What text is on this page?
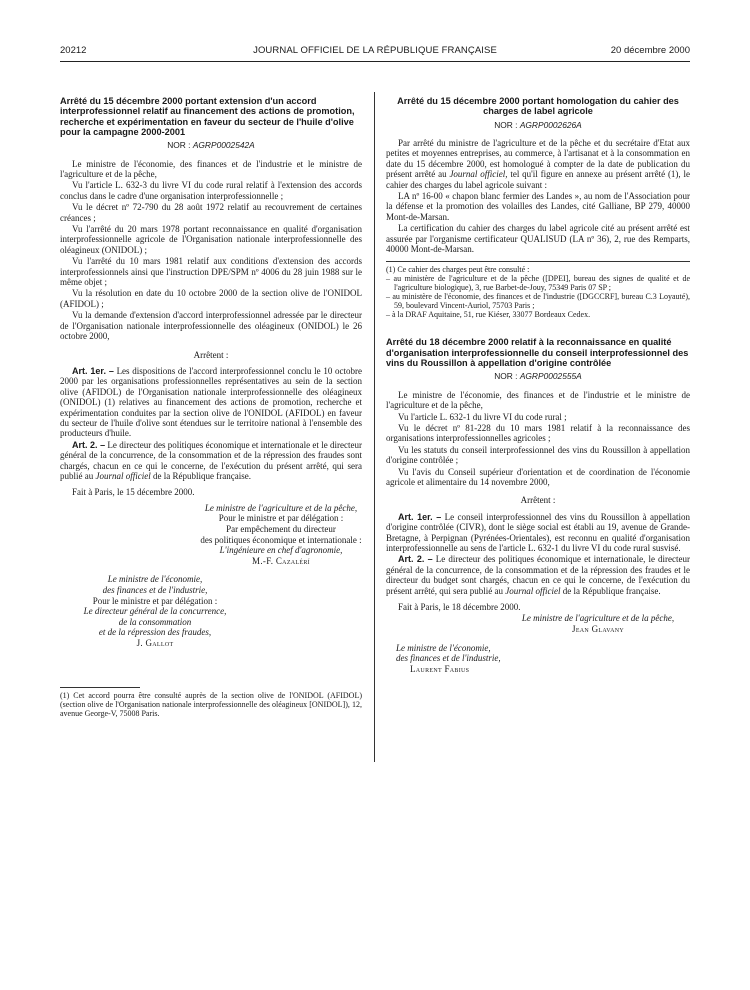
20212	JOURNAL OFFICIEL DE LA RÉPUBLIQUE FRANÇAISE	20 décembre 2000
Arrêté du 15 décembre 2000 portant extension d'un accord interprofessionnel relatif au financement des actions de promotion, recherche et expérimentation en faveur du secteur de l'huile d'olive pour la campagne 2000-2001
NOR : AGRP0002542A

Le ministre de l'économie, des finances et de l'industrie et le ministre de l'agriculture et de la pêche,

Vu l'article L. 632-3 du livre VI du code rural relatif à l'extension des accords conclus dans le cadre d'une organisation interprofessionnelle ;

Vu le décret nº 72-790 du 28 août 1972 relatif au recouvrement de certaines créances ;

Vu l'arrêté du 20 mars 1978 portant reconnaissance en qualité d'organisation interprofessionnelle agricole de l'Organisation nationale interprofessionnelle des oléagineux (ONIDOL) ;

Vu l'arrêté du 10 mars 1981 relatif aux conditions d'extension des accords interprofessionnels ainsi que l'instruction DPE/SPM nº 4006 du 28 juin 1988 sur le même objet ;

Vu la résolution en date du 10 octobre 2000 de la section olive de l'ONIDOL (AFIDOL) ;

Vu la demande d'extension d'accord interprofessionnel adressée par le directeur de l'Organisation nationale interprofessionnelle des oléagineux (ONIDOL) le 26 octobre 2000,

Arrêtent :

Art. 1er. – Les dispositions de l'accord interprofessionnel conclu le 10 octobre 2000 par les organisations professionnelles représentatives au sein de la section olive (AFIDOL) de l'Organisation nationale interprofessionnelle des oléagineux (ONIDOL) (1) relatives au financement des actions de promotion, recherche et expérimentation conduites par la section olive de l'ONIDOL (AFIDOL) en faveur du secteur de l'huile d'olive sont étendues sur le territoire national à l'ensemble des producteurs d'huile.

Art. 2. – Le directeur des politiques économique et internationale et le directeur général de la concurrence, de la consommation et de la répression des fraudes sont chargés, chacun en ce qui le concerne, de l'exécution du présent arrêté, qui sera publié au Journal officiel de la République française.

Fait à Paris, le 15 décembre 2000.

Le ministre de l'agriculture et de la pêche,
Pour le ministre et par délégation :
Par empêchement du directeur
des politiques économique et internationale :
L'ingénieure en chef d'agronomie,
M.-F. Cazalérí
Le ministre de l'économie,
des finances et de l'industrie,
Pour le ministre et par délégation :
Le directeur général de la concurrence,
de la consommation
et de la répression des fraudes,
J. Gallot
(1) Cet accord pourra être consulté auprès de la section olive de l'ONIDOL (AFIDOL) (section olive de l'Organisation nationale interprofessionnelle des oléagineux [ONIDOL]), 12, avenue George-V, 75008 Paris.
Arrêté du 15 décembre 2000 portant homologation du cahier des charges de label agricole
NOR : AGRP0002626A

Par arrêté du ministre de l'agriculture et de la pêche et du secrétaire d'Etat aux petites et moyennes entreprises, au commerce, à l'artisanat et à la consommation en date du 15 décembre 2000, est homologué à compter de la date de publication du présent arrêté au Journal officiel, tel qu'il figure en annexe au présent arrêté (1), le cahier des charges du label agricole suivant :

LA nº 16-00 « chapon blanc fermier des Landes », au nom de l'Association pour la défense et la promotion des volailles des Landes, cité Galliane, BP 279, 40000 Mont-de-Marsan.

La certification du cahier des charges du label agricole cité au présent arrêté est assurée par l'organisme certificateur QUALISUD (LA nº 36), 2, rue des Remparts, 40000 Mont-de-Marsan.

(1) Ce cahier des charges peut être consulté :
– au ministère de l'agriculture et de la pêche ([DPEI], bureau des signes de qualité et de l'agriculture biologique), 3, rue Barbet-de-Jouy, 75349 Paris 07 SP ;
– au ministère de l'économie, des finances et de l'industrie ([DGCCRF], bureau C.3 Loyauté), 59, boulevard Vincent-Auriol, 75703 Paris ;
– à la DRAF Aquitaine, 51, rue Kiéser, 33077 Bordeaux Cedex.
Arrêté du 18 décembre 2000 relatif à la reconnaissance en qualité d'organisation interprofessionnelle du conseil interprofessionnel des vins du Roussillon à appellation d'origine contrôlée
NOR : AGRP0002555A

Le ministre de l'économie, des finances et de l'industrie et le ministre de l'agriculture et de la pêche,

Vu l'article L. 632-1 du livre VI du code rural ;

Vu le décret nº 81-228 du 10 mars 1981 relatif à la reconnaissance des organisations interprofessionnelles agricoles ;

Vu les statuts du conseil interprofessionnel des vins du Roussillon à appellation d'origine contrôlée ;

Vu l'avis du Conseil supérieur d'orientation et de coordination de l'économie agricole et alimentaire du 14 novembre 2000,

Arrêtent :

Art. 1er. – Le conseil interprofessionnel des vins du Roussillon à appellation d'origine contrôlée (CIVR), dont le siège social est établi au 19, avenue de Grande-Bretagne, à Perpignan (Pyrénées-Orientales), est reconnu en qualité d'organisation interprofessionnelle au sens de l'article L. 632-1 du livre VI du code rural susvisé.

Art. 2. – Le directeur des politiques économique et internationale, le directeur général de la concurrence, de la consommation et de la répression des fraudes et le directeur du budget sont chargés, chacun en ce qui le concerne, de l'exécution du présent arrêté, qui sera publié au Journal officiel de la République française.

Fait à Paris, le 18 décembre 2000.

Le ministre de l'agriculture et de la pêche,
Jean Glavany
Le ministre de l'économie,
des finances et de l'industrie,
Laurent Fabius
